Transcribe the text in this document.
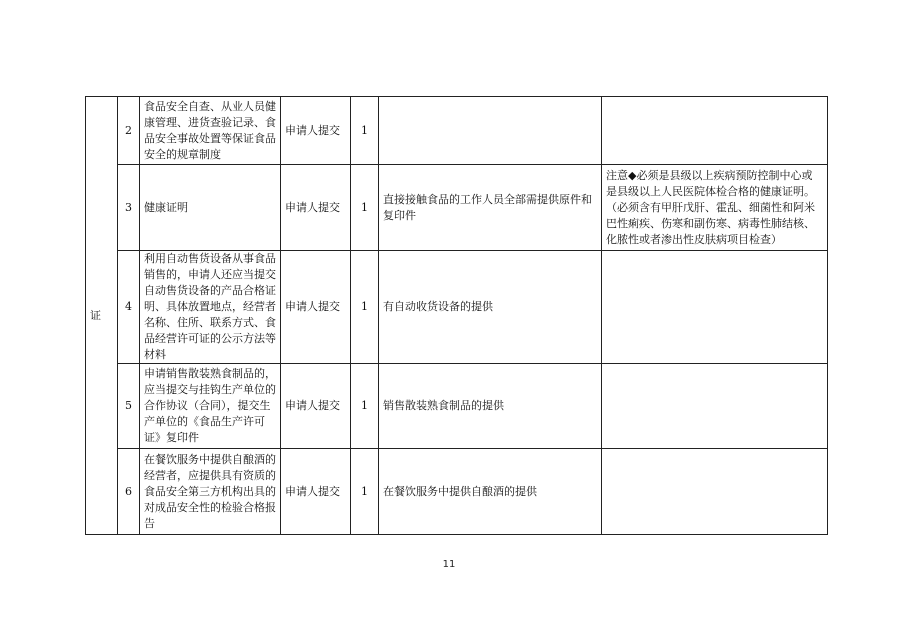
证	2	食品安全自查、从业人员健康管理、进货查验记录、食品安全事故处置等保证食品安全的规章制度	申请人提交	1		
	3	健康证明	申请人提交	1	直接接触食品的工作人员全部需提供原件和复印件	注意◆必须是县级以上疾病预防控制中心或是县级以上人民医院体检合格的健康证明。（必须含有甲肝戊肝、霍乱、细菌性和阿米巴性痢疾、伤寒和副伤寒、病毒性肺结核、化脓性或者渗出性皮肤病项目检查）
	4	利用自动售货设备从事食品销售的，申请人还应当提交自动售货设备的产品合格证明、具体放置地点，经营者名称、住所、联系方式、食品经营许可证的公示方法等材料	申请人提交	1	有自动收货设备的提供	
	5	申请销售散装熟食制品的，应当提交与挂钩生产单位的合作协议（合同），提交生产单位的《食品生产许可证》复印件	申请人提交	1	销售散装熟食制品的提供	
	6	在餐饮服务中提供自酿酒的经营者，应提供具有资质的食品安全第三方机构出具的对成品安全性的检验合格报告	申请人提交	1	在餐饮服务中提供自酿酒的提供	
11
